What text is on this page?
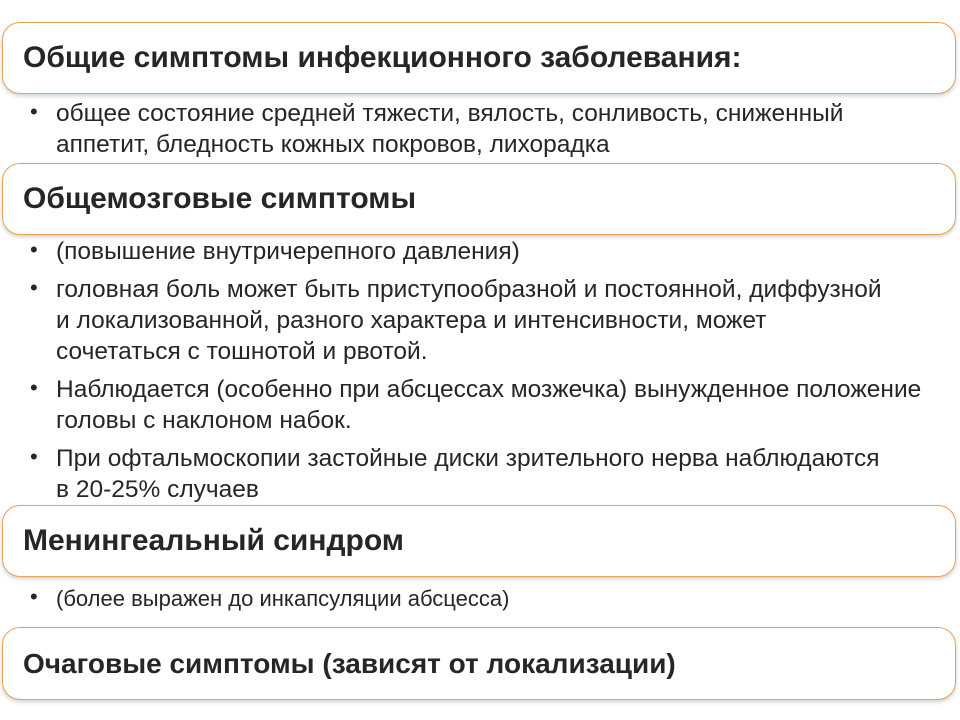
Общие симптомы инфекционного заболевания:
• общее состояние средней тяжести, вялость, сонливость, сниженный аппетит, бледность кожных покровов, лихорадка
Общемозговые симптомы
• (повышение внутричерепного давления)
• головная боль может быть приступообразной и постоянной, диффузной и локализованной, разного характера и интенсивности, может сочетаться с тошнотой и рвотой.
• Наблюдается (особенно при абсцессах мозжечка) вынужденное положение головы с наклоном набок.
• При офтальмоскопии застойные диски зрительного нерва наблюдаются в 20-25% случаев
Менингеальный синдром
• (более выражен до инкапсуляции абсцесса)
Очаговые симптомы (зависят от локализации)
